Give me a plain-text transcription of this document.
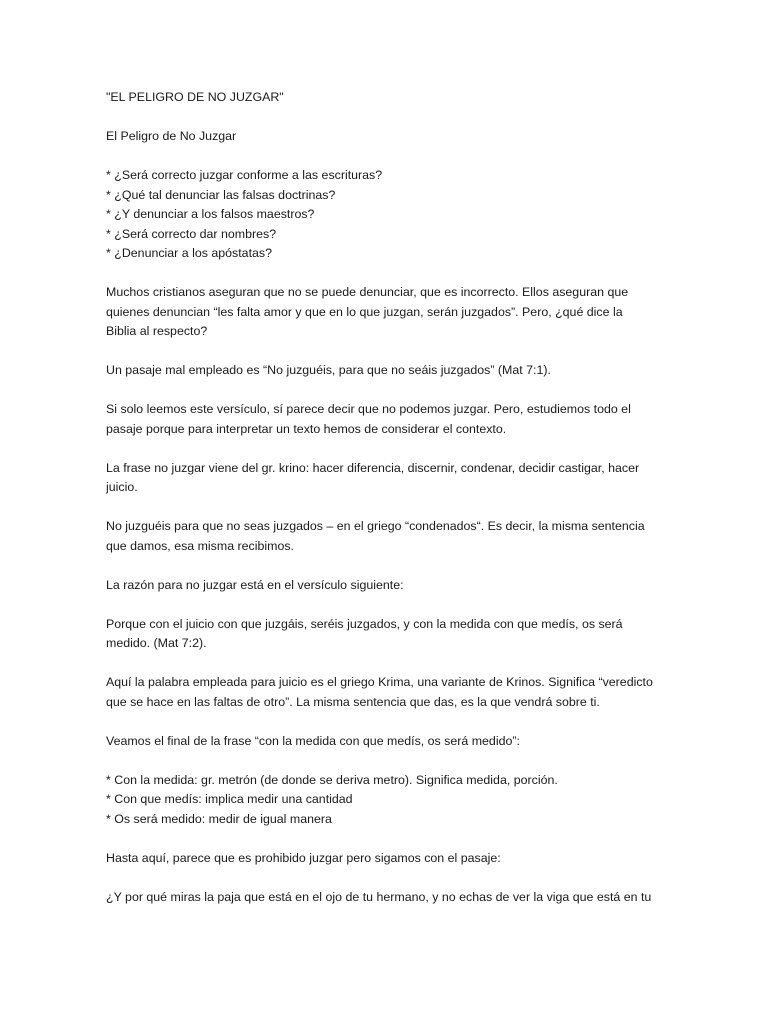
"EL PELIGRO DE NO JUZGAR"
El Peligro de No Juzgar
* ¿Será correcto juzgar conforme a las escrituras?
* ¿Qué tal denunciar las falsas doctrinas?
* ¿Y denunciar a los falsos maestros?
* ¿Será correcto dar nombres?
* ¿Denunciar a los apóstatas?
Muchos cristianos aseguran que no se puede denunciar, que es incorrecto. Ellos aseguran que
quienes denuncian “les falta amor y que en lo que juzgan, serán juzgados”. Pero, ¿qué dice la
Biblia al respecto?
Un pasaje mal empleado es “No juzguéis, para que no seáis juzgados” (Mat 7:1).
Si solo leemos este versículo, sí parece decir que no podemos juzgar. Pero, estudiemos todo el
pasaje porque para interpretar un texto hemos de considerar el contexto.
La frase no juzgar viene del gr. krino: hacer diferencia, discernir, condenar, decidir castigar, hacer
juicio.
No juzguéis para que no seas juzgados – en el griego “condenados“. Es decir, la misma sentencia
que damos, esa misma recibimos.
La razón para no juzgar está en el versículo siguiente:
Porque con el juicio con que juzgáis, seréis juzgados, y con la medida con que medís, os será
medido. (Mat 7:2).
Aquí la palabra empleada para juicio es el griego Krima, una variante de Krinos. Significa “veredicto
que se hace en las faltas de otro”. La misma sentencia que das, es la que vendrá sobre ti.
Veamos el final de la frase “con la medida con que medís, os será medido”:
* Con la medida: gr. metrón (de donde se deriva metro). Significa medida, porción.
* Con que medís: implica medir una cantidad
* Os será medido: medir de igual manera
Hasta aquí, parece que es prohibido juzgar pero sigamos con el pasaje:
¿Y por qué miras la paja que está en el ojo de tu hermano, y no echas de ver la viga que está en tu
